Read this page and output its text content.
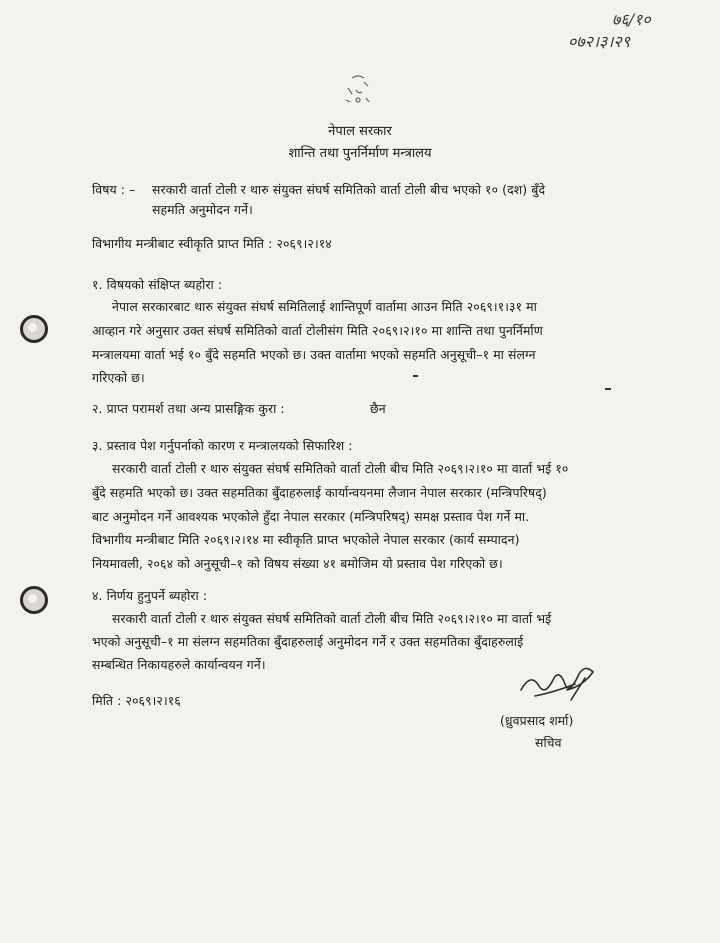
७६/१०
०७२।३।२९
नेपाल सरकार
शान्ति तथा पुनर्निर्माण मन्त्रालय
विषय : – सरकारी वार्ता टोली र थारु संयुक्त संघर्ष समितिको वार्ता टोली बीच भएको १० (दश) बुँदे
सहमति अनुमोदन गर्ने।
विभागीय मन्त्रीबाट स्वीकृति प्राप्त मिति : २०६९।२।१४
१. विषयको संक्षिप्त ब्यहोरा :
नेपाल सरकारबाट थारु संयुक्त संघर्ष समितिलाई शान्तिपूर्ण वार्तामा आउन मिति २०६९।१।३१ मा
आव्हान गरे अनुसार उक्त संघर्ष समितिको वार्ता टोलीसंग मिति २०६९।२।१० मा शान्ति तथा पुनर्निर्माण
मन्त्रालयमा वार्ता भई १० बुँदे सहमति भएको छ। उक्त वार्तामा भएको सहमति अनुसूची–१ मा संलग्न
गरिएको छ।
२. प्राप्त परामर्श तथा अन्य प्रासङ्गिक कुरा :	छैन
३. प्रस्ताव पेश गर्नुपर्नाको कारण र मन्त्रालयको सिफारिश :
सरकारी वार्ता टोली र थारु संयुक्त संघर्ष समितिको वार्ता टोली बीच मिति २०६९।२।१० मा वार्ता भई १०
बुँदे सहमति भएको छ। उक्त सहमतिका बुँदाहरुलाई कार्यान्वयनमा लैजान नेपाल सरकार (मन्त्रिपरिषद्)
बाट अनुमोदन गर्ने आवश्यक भएकोले हुँदा नेपाल सरकार (मन्त्रिपरिषद्) समक्ष प्रस्ताव पेश गर्ने मा.
विभागीय मन्त्रीबाट मिति २०६९।२।१४ मा स्वीकृति प्राप्त भएकोले नेपाल सरकार (कार्य सम्पादन)
नियमावली, २०६४ को अनुसूची–१ को विषय संख्या ४१ बमोजिम यो प्रस्ताव पेश गरिएको छ।
४. निर्णय हुनुपर्ने ब्यहोरा :
सरकारी वार्ता टोली र थारु संयुक्त संघर्ष समितिको वार्ता टोली बीच मिति २०६९।२।१० मा वार्ता भई
भएको अनुसूची–१ मा संलग्न सहमतिका बुँदाहरुलाई अनुमोदन गर्ने र उक्त सहमतिका बुँदाहरुलाई
सम्बन्धित निकायहरुले कार्यान्वयन गर्ने।
मिति : २०६९।२।१६
(ध्रुवप्रसाद शर्मा)
सचिव
